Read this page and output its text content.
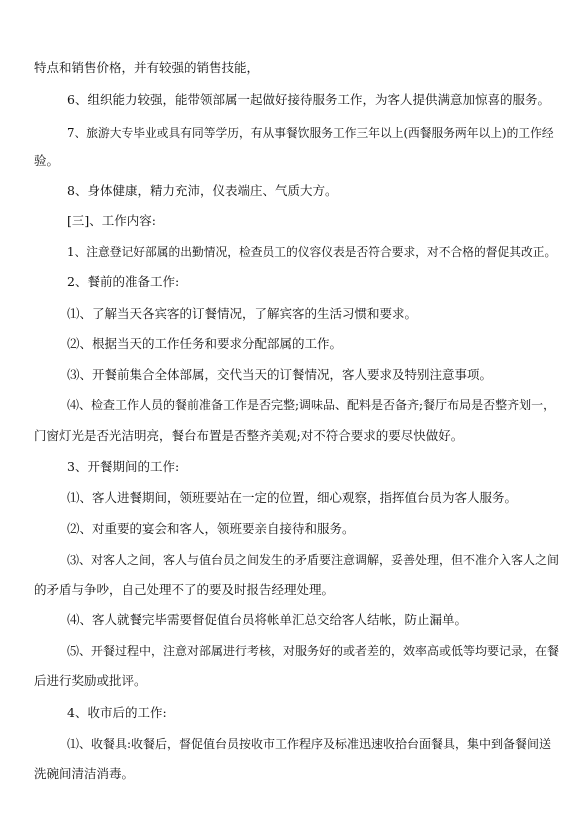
特点和销售价格，并有较强的销售技能，
6、组织能力较强，能带领部属一起做好接待服务工作，为客人提供满意加惊喜的服务。
7、旅游大专毕业或具有同等学历，有从事餐饮服务工作三年以上(西餐服务两年以上)的工作经
验。
8、身体健康，精力充沛，仪表端庄、气质大方。
[三]、工作内容:
1、注意登记好部属的出勤情况，检查员工的仪容仪表是否符合要求，对不合格的督促其改正。
2、餐前的准备工作:
⑴、了解当天各宾客的订餐情况，了解宾客的生活习惯和要求。
⑵、根据当天的工作任务和要求分配部属的工作。
⑶、开餐前集合全体部属，交代当天的订餐情况，客人要求及特别注意事项。
⑷、检查工作人员的餐前准备工作是否完整;调味品、配料是否备齐;餐厅布局是否整齐划一，
门窗灯光是否光洁明亮，餐台布置是否整齐美观;对不符合要求的要尽快做好。
3、开餐期间的工作:
⑴、客人进餐期间，领班要站在一定的位置，细心观察，指挥值台员为客人服务。
⑵、对重要的宴会和客人，领班要亲自接待和服务。
⑶、对客人之间，客人与值台员之间发生的矛盾要注意调解，妥善处理，但不准介入客人之间
的矛盾与争吵，自己处理不了的要及时报告经理处理。
⑷、客人就餐完毕需要督促值台员将帐单汇总交给客人结帐，防止漏单。
⑸、开餐过程中，注意对部属进行考核，对服务好的或者差的，效率高或低等均要记录，在餐
后进行奖励或批评。
4、收市后的工作:
⑴、收餐具:收餐后，督促值台员按收市工作程序及标准迅速收拾台面餐具，集中到备餐间送
洗碗间清洁消毒。
